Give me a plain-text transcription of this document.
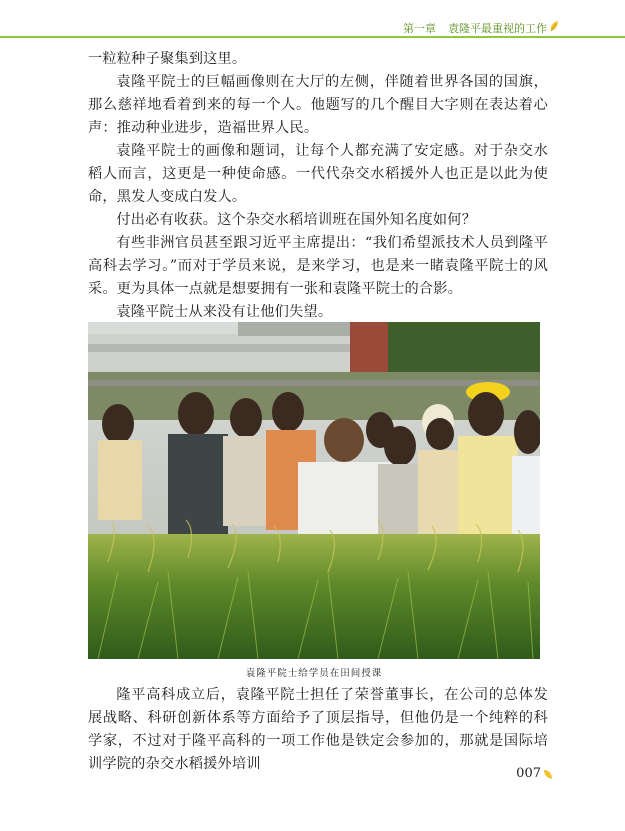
第一章 袁隆平最重视的工作

一粒粒种子聚集到这里。

袁隆平院士的巨幅画像则在大厅的左侧，伴随着世界各国的国旗，那么慈祥地看着到来的每一个人。他题写的几个醒目大字则在表达着心声：推动种业进步，造福世界人民。

袁隆平院士的画像和题词，让每个人都充满了安定感。对于杂交水稻人而言，这更是一种使命感。一代代杂交水稻援外人也正是以此为使命，黑发人变成白发人。

付出必有收获。这个杂交水稻培训班在国外知名度如何？

有些非洲官员甚至跟习近平主席提出：“我们希望派技术人员到隆平高科去学习。”而对于学员来说，是来学习，也是来一睹袁隆平院士的风采。更为具体一点就是想要拥有一张和袁隆平院士的合影。

袁隆平院士从来没有让他们失望。

袁隆平院士给学员在田间授课

隆平高科成立后，袁隆平院士担任了荣誉董事长，在公司的总体发展战略、科研创新体系等方面给予了顶层指导，但他仍是一个纯粹的科学家，不过对于隆平高科的一项工作他是铁定会参加的，那就是国际培训学院的杂交水稻援外培训

007
